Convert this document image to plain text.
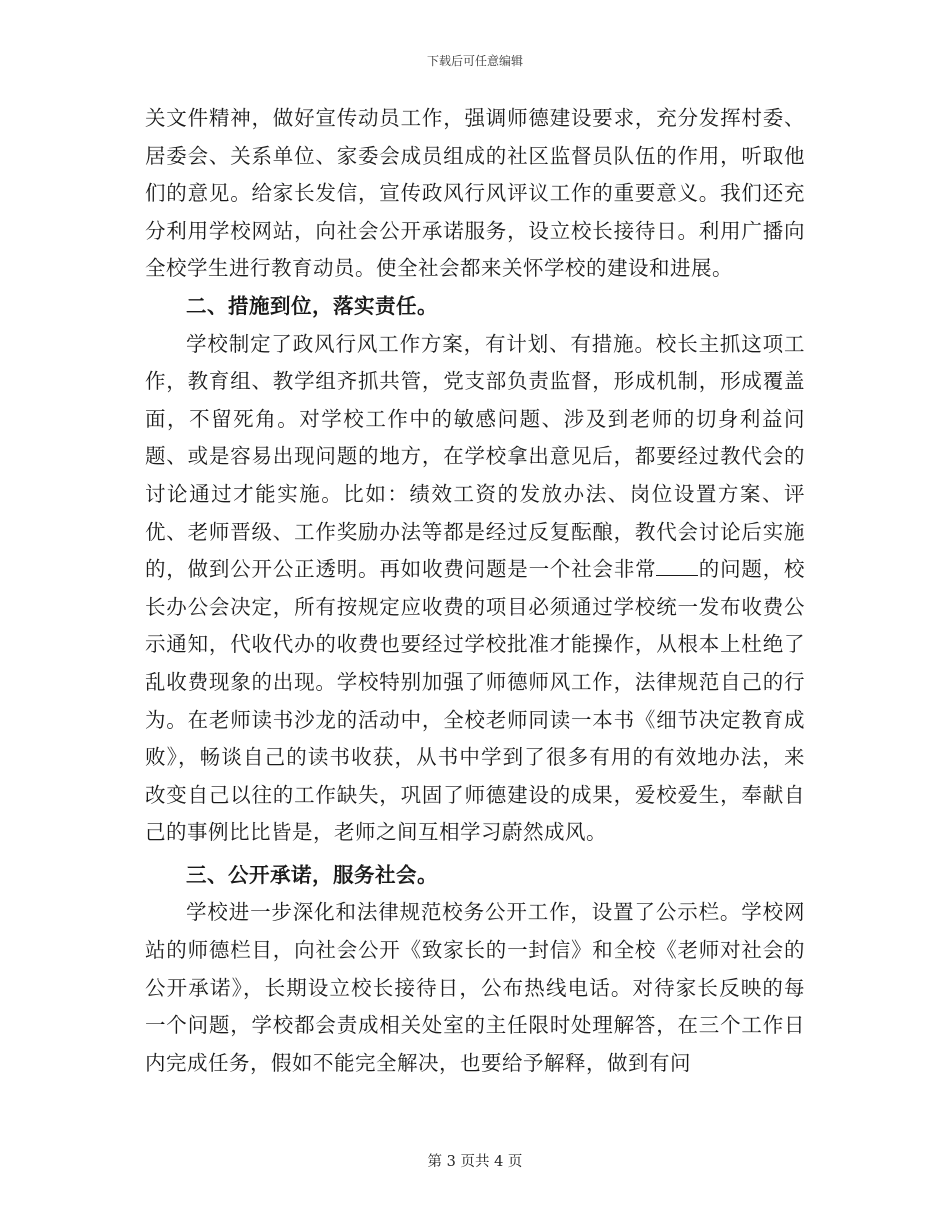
下载后可任意编辑

关文件精神，做好宣传动员工作，强调师德建设要求，充分发挥村委、居委会、关系单位、家委会成员组成的社区监督员队伍的作用，听取他们的意见。给家长发信，宣传政风行风评议工作的重要意义。我们还充分利用学校网站，向社会公开承诺服务，设立校长接待日。利用广播向全校学生进行教育动员。使全社会都来关怀学校的建设和进展。

二、措施到位，落实责任。

学校制定了政风行风工作方案，有计划、有措施。校长主抓这项工作，教育组、教学组齐抓共管，党支部负责监督，形成机制，形成覆盖面，不留死角。对学校工作中的敏感问题、涉及到老师的切身利益问题、或是容易出现问题的地方，在学校拿出意见后，都要经过教代会的讨论通过才能实施。比如：绩效工资的发放办法、岗位设置方案、评优、老师晋级、工作奖励办法等都是经过反复酝酿，教代会讨论后实施的，做到公开公正透明。再如收费问题是一个社会非常 的问题，校长办公会决定，所有按规定应收费的项目必须通过学校统一发布收费公示通知，代收代办的收费也要经过学校批准才能操作，从根本上杜绝了乱收费现象的出现。学校特别加强了师德师风工作，法律规范自己的行为。在老师读书沙龙的活动中，全校老师同读一本书《细节决定教育成败》，畅谈自己的读书收获，从书中学到了很多有用的有效地办法，来改变自己以往的工作缺失，巩固了师德建设的成果，爱校爱生，奉献自己的事例比比皆是，老师之间互相学习蔚然成风。

三、公开承诺，服务社会。

学校进一步深化和法律规范校务公开工作，设置了公示栏。学校网站的师德栏目，向社会公开《致家长的一封信》和全校《老师对社会的公开承诺》，长期设立校长接待日，公布热线电话。对待家长反映的每一个问题，学校都会责成相关处室的主任限时处理解答，在三个工作日内完成任务，假如不能完全解决，也要给予解释，做到有问

第 3 页共 4 页
